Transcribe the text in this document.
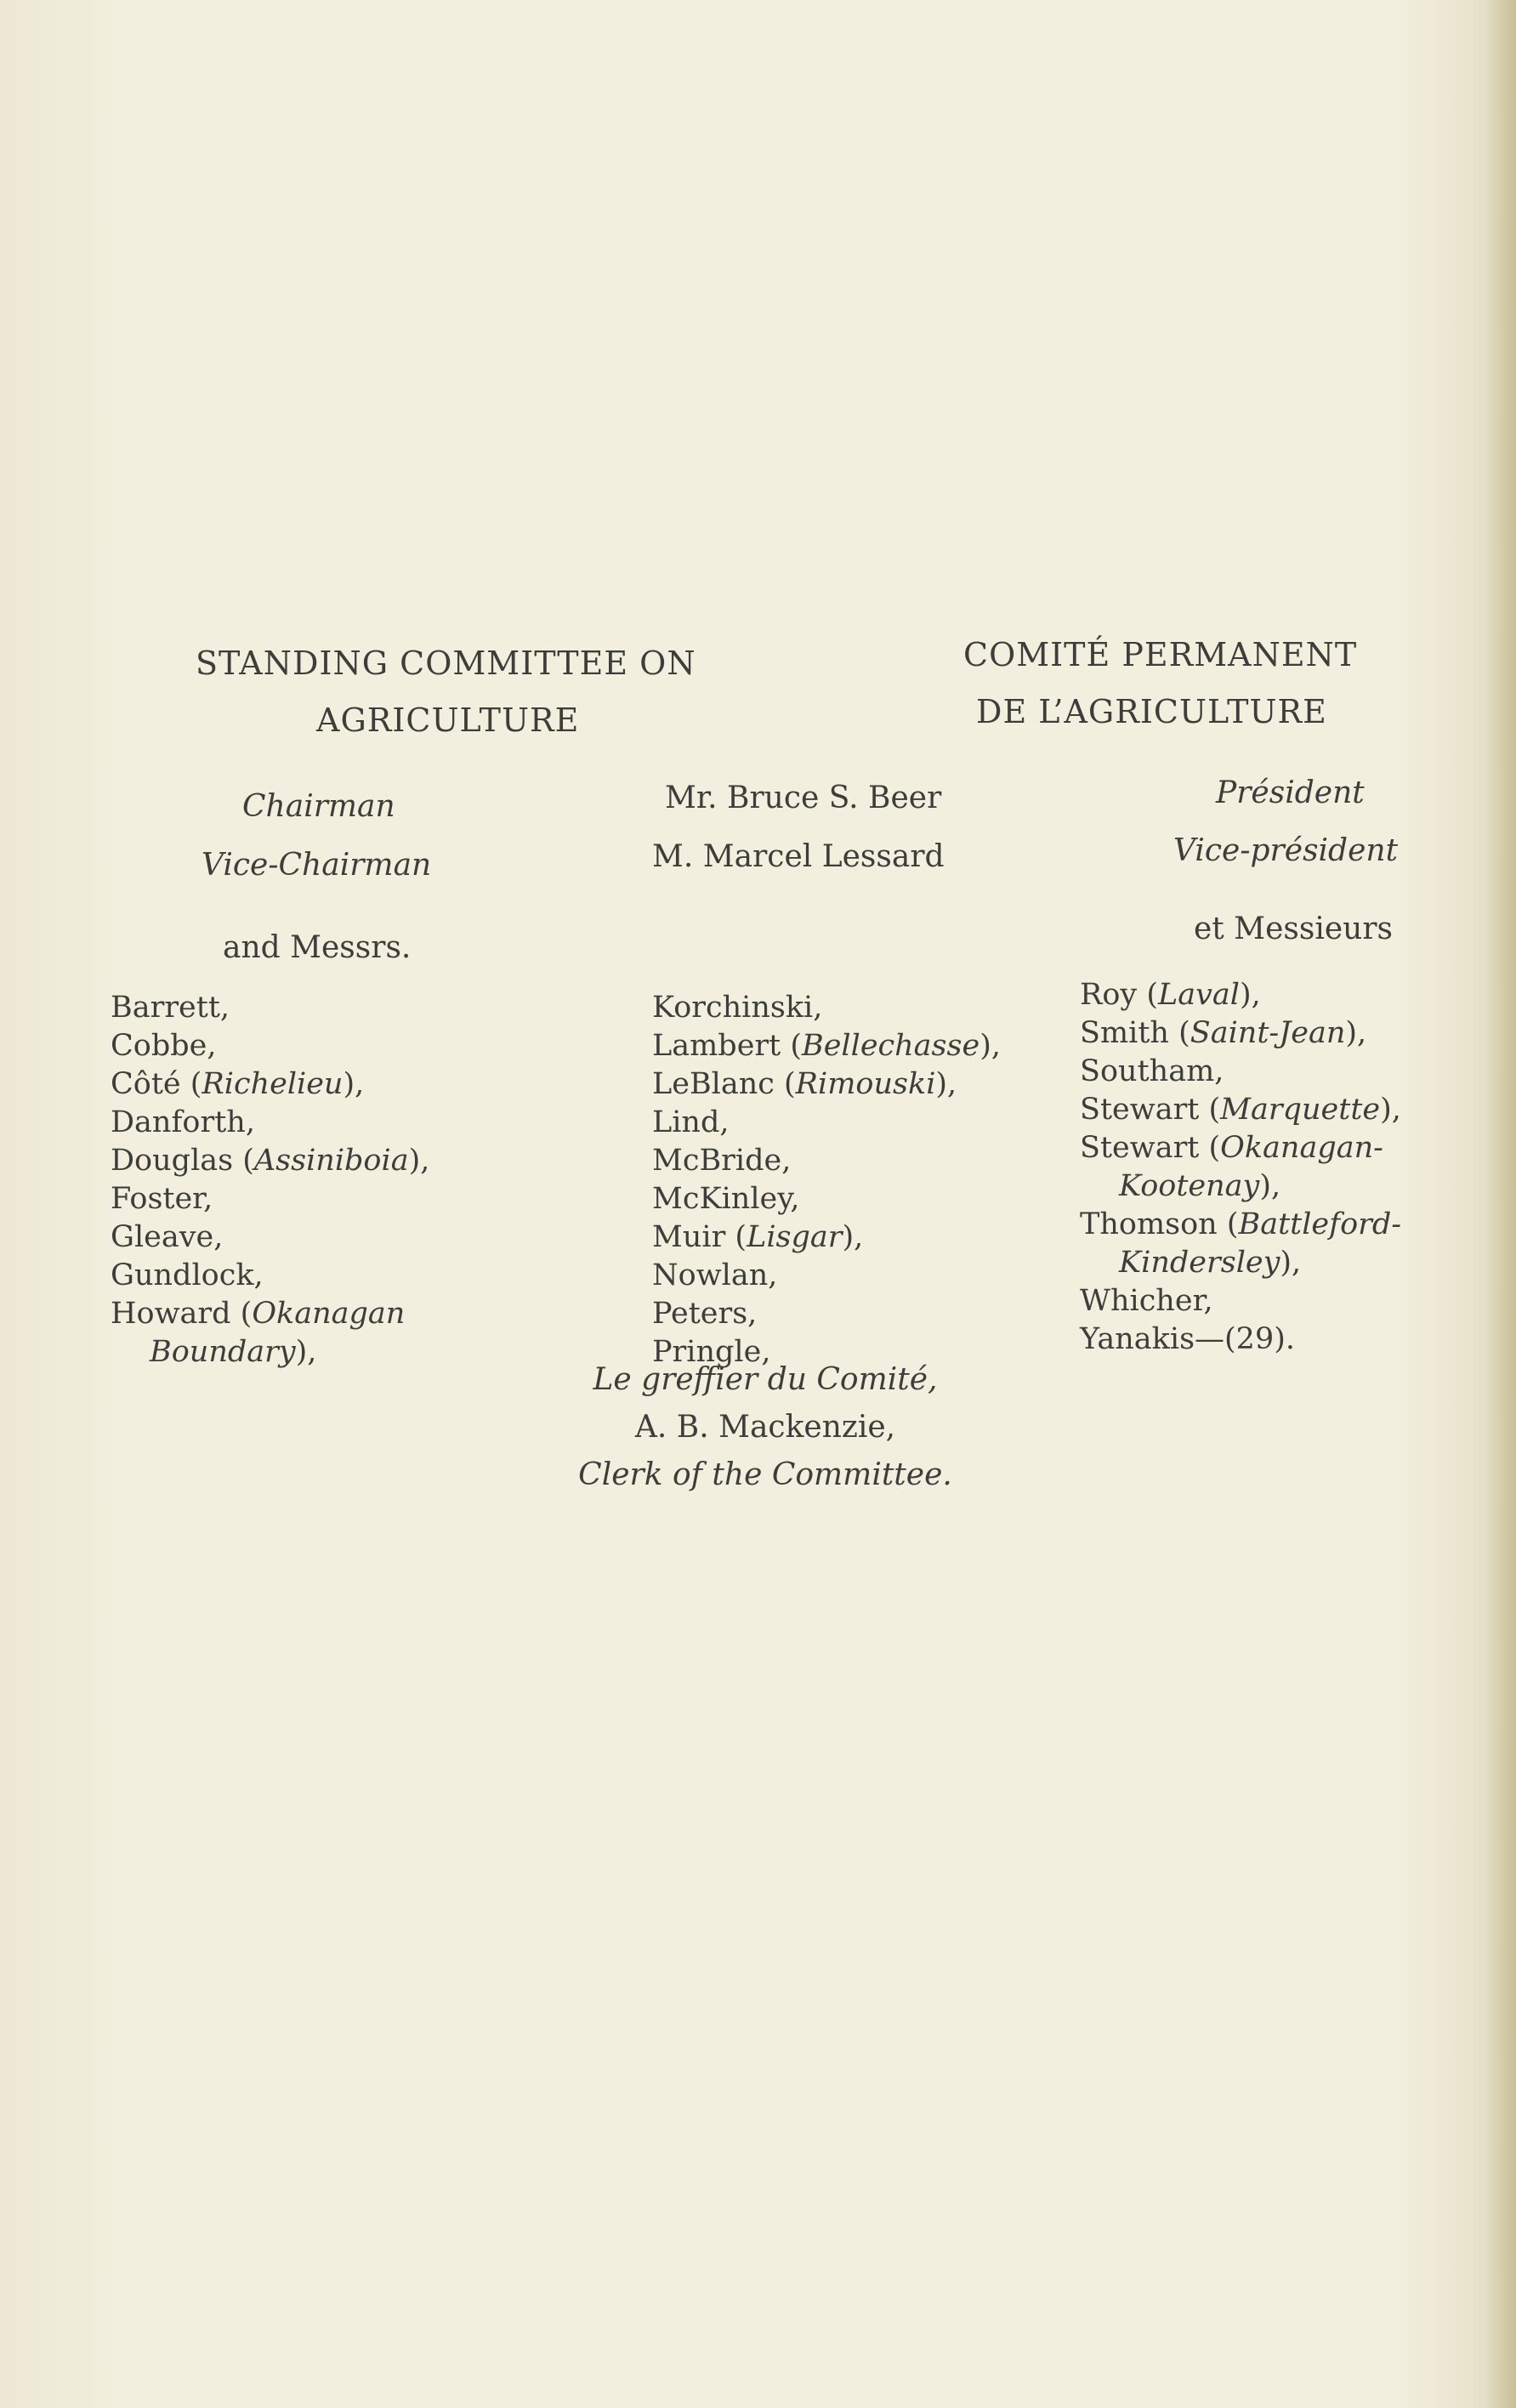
STANDING COMMITTEE ON
AGRICULTURE
COMITÉ PERMANENT
DE L’AGRICULTURE
Chairman	Mr. Bruce S. Beer	Président
Vice-Chairman	M. Marcel Lessard	Vice-président
and Messrs.
et Messieurs
Barrett,
Cobbe,
Côté (Richelieu),
Danforth,
Douglas (Assiniboia),
Foster,
Gleave,
Gundlock,
Howard (Okanagan
Boundary),
Korchinski,
Lambert (Bellechasse),
LeBlanc (Rimouski),
Lind,
McBride,
McKinley,
Muir (Lisgar),
Nowlan,
Peters,
Pringle,
Roy (Laval),
Smith (Saint-Jean),
Southam,
Stewart (Marquette),
Stewart (Okanagan-
Kootenay),
Thomson (Battleford-
Kindersley),
Whicher,
Yanakis—(29).
Le greffier du Comité,
A. B. Mackenzie,
Clerk of the Committee.
